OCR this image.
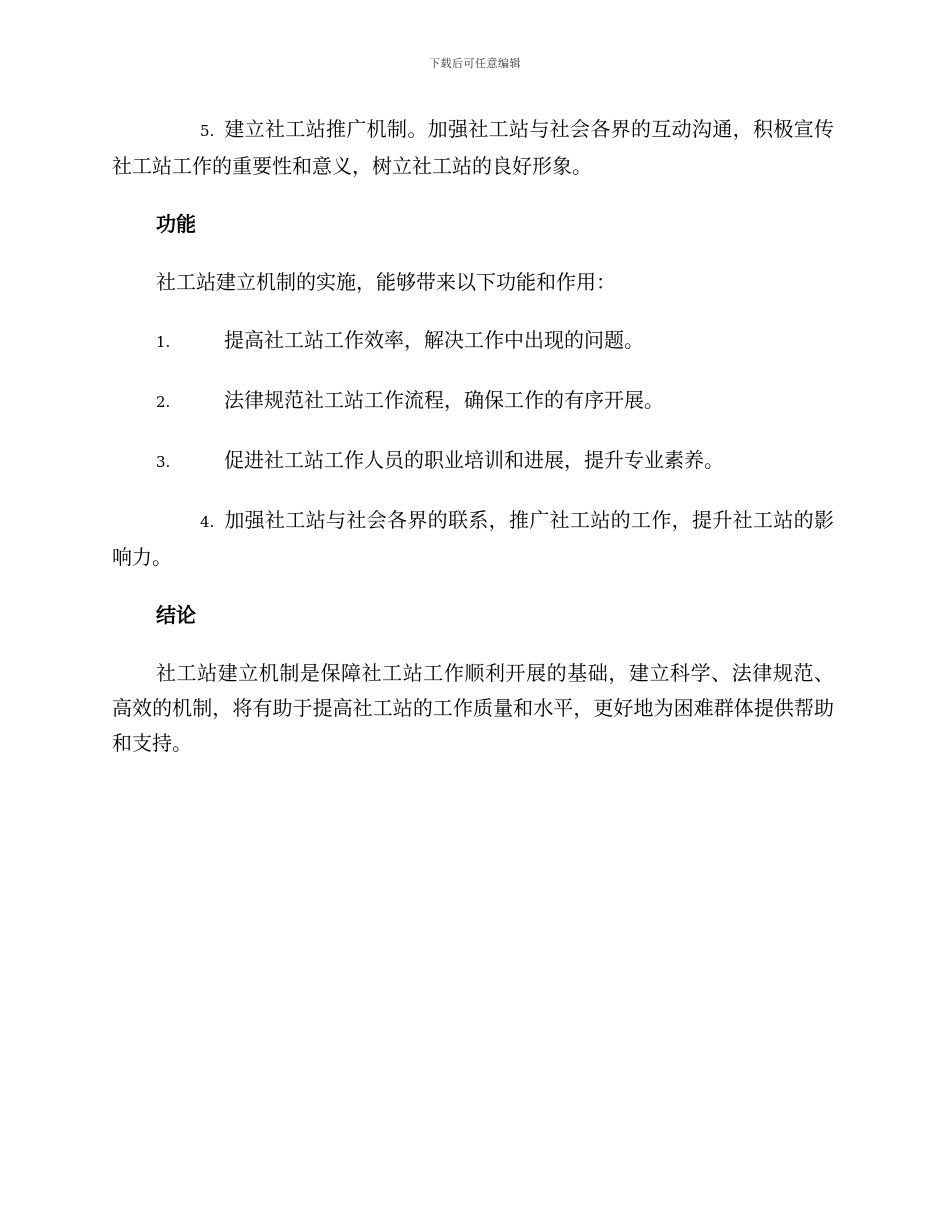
下载后可任意编辑

5. 建立社工站推广机制。加强社工站与社会各界的互动沟通，积极宣传社工站工作的重要性和意义，树立社工站的良好形象。

功能

社工站建立机制的实施，能够带来以下功能和作用：

1.	提高社工站工作效率，解决工作中出现的问题。

2.	法律规范社工站工作流程，确保工作的有序开展。

3.	促进社工站工作人员的职业培训和进展，提升专业素养。

4. 加强社工站与社会各界的联系，推广社工站的工作，提升社工站的影响力。

结论

社工站建立机制是保障社工站工作顺利开展的基础，建立科学、法律规范、高效的机制，将有助于提高社工站的工作质量和水平，更好地为困难群体提供帮助和支持。
